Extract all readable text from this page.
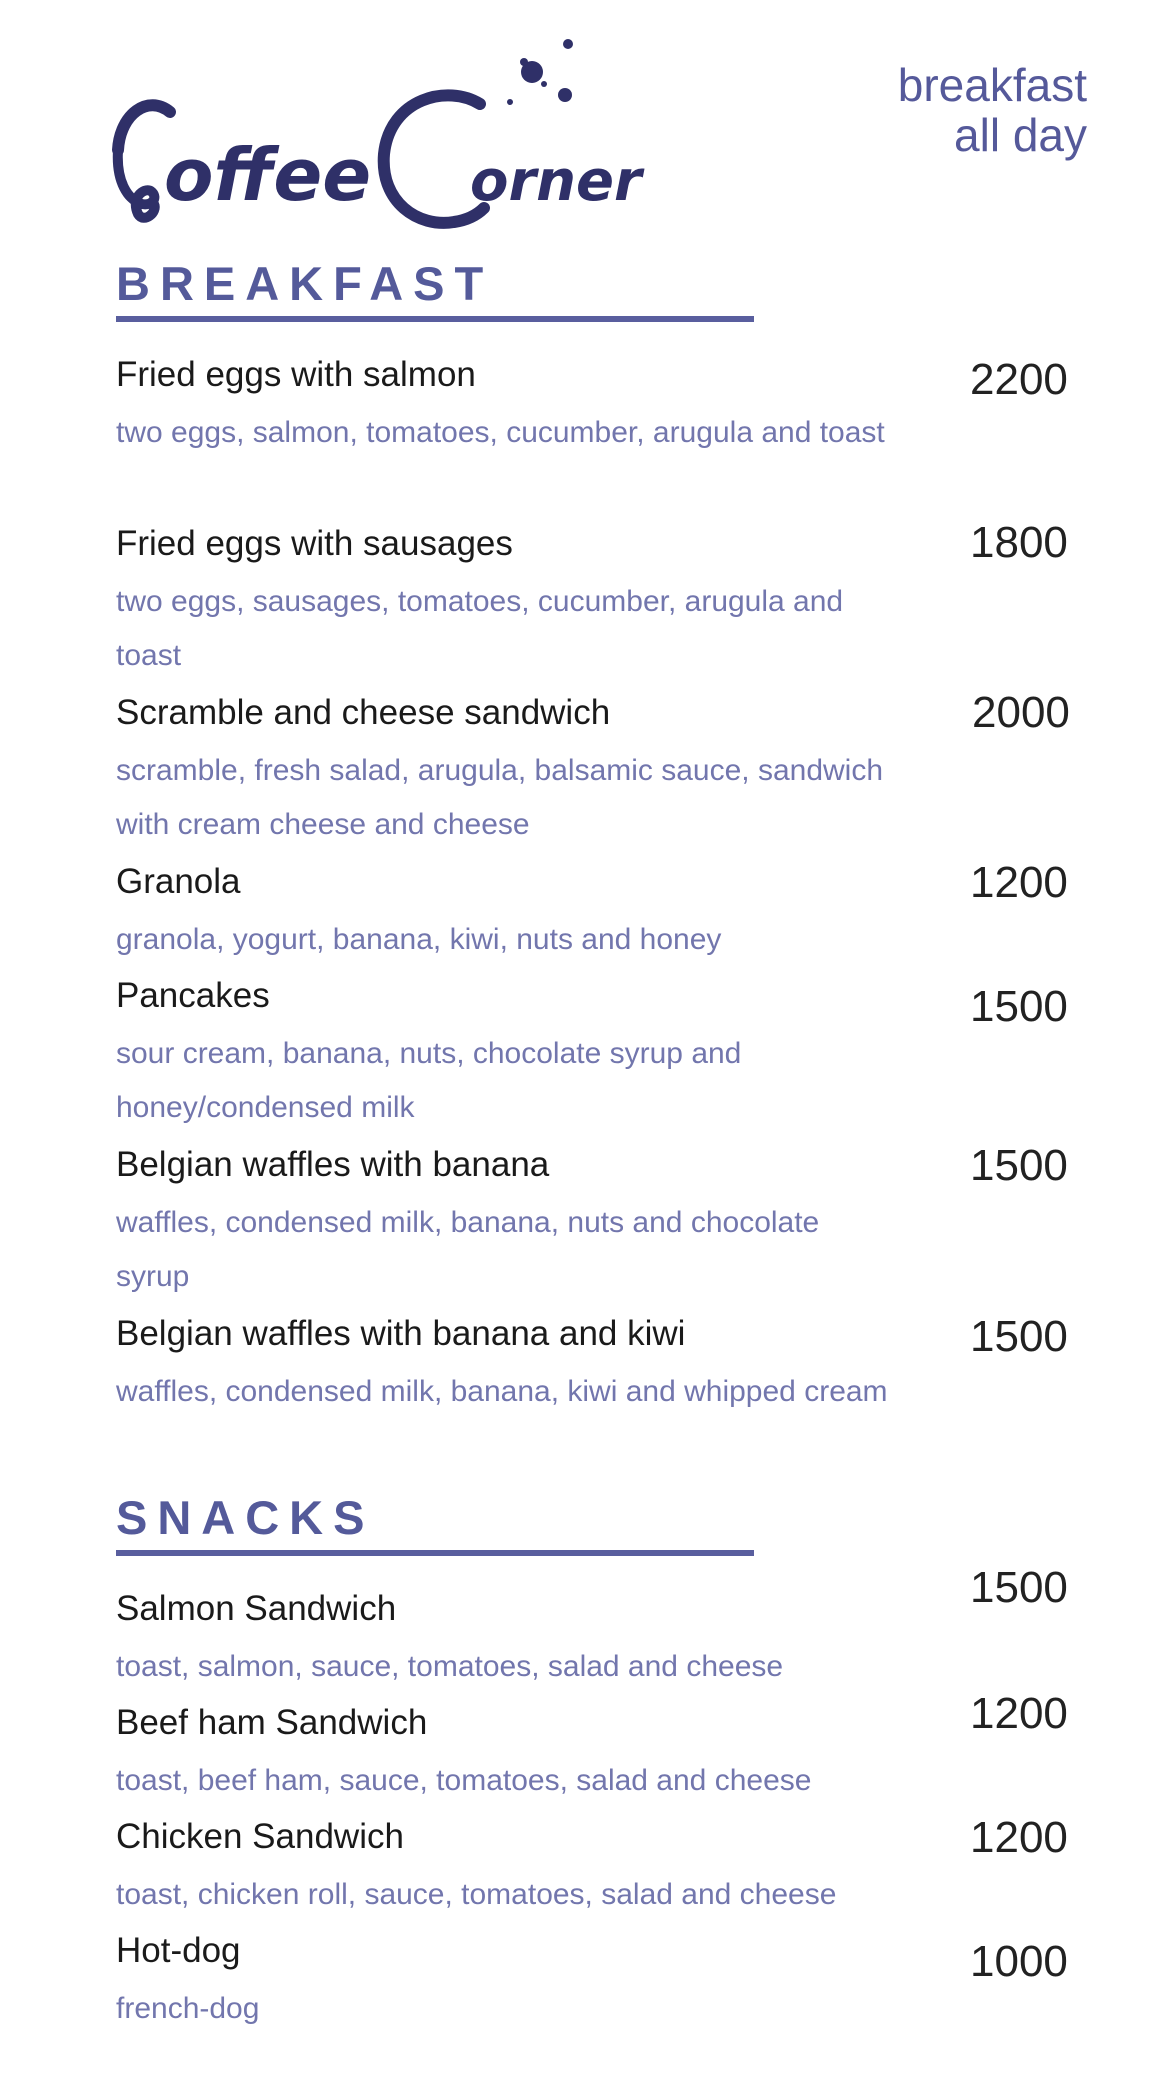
offee orner
breakfast
all day
BREAKFAST
Fried eggs with salmon
two eggs, salmon, tomatoes, cucumber, arugula and toast
2200
Fried eggs with sausages
two eggs, sausages, tomatoes, cucumber, arugula and toast
1800
Scramble and cheese sandwich
scramble, fresh salad, arugula, balsamic sauce, sandwich with cream cheese and cheese
2000
Granola
granola, yogurt, banana, kiwi, nuts and honey
1200
Pancakes
sour cream, banana, nuts, chocolate syrup and honey/condensed milk
1500
Belgian waffles with banana
waffles, condensed milk, banana, nuts and chocolate syrup
1500
Belgian waffles with banana and kiwi
waffles, condensed milk, banana, kiwi and whipped cream
1500
SNACKS
Salmon Sandwich
toast, salmon, sauce, tomatoes, salad and cheese
1500
Beef ham Sandwich
toast, beef ham, sauce, tomatoes, salad and cheese
1200
Chicken Sandwich
toast, chicken roll, sauce, tomatoes, salad and cheese
1200
Hot-dog
french-dog
1000
